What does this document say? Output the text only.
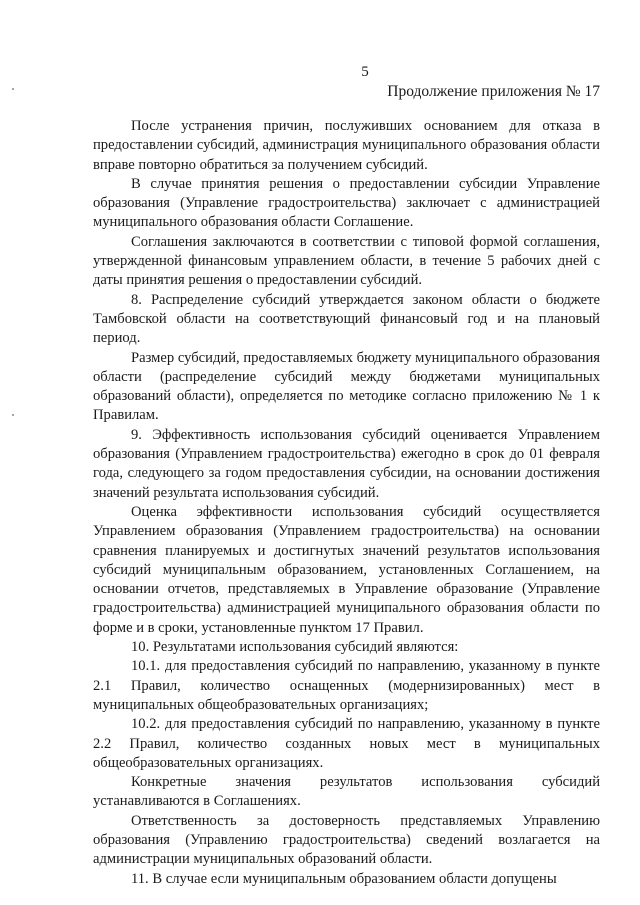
5
Продолжение приложения № 17

После устранения причин, послуживших основанием для отказа в предоставлении субсидий, администрация муниципального образования области вправе повторно обратиться за получением субсидий.

В случае принятия решения о предоставлении субсидии Управление образования (Управление градостроительства) заключает с администрацией муниципального образования области Соглашение.

Соглашения заключаются в соответствии с типовой формой соглашения, утвержденной финансовым управлением области, в течение 5 рабочих дней с даты принятия решения о предоставлении субсидий.

8. Распределение субсидий утверждается законом области о бюджете Тамбовской области на соответствующий финансовый год и на плановый период.

Размер субсидий, предоставляемых бюджету муниципального образования области (распределение субсидий между бюджетами муниципальных образований области), определяется по методике согласно приложению № 1 к Правилам.

9. Эффективность использования субсидий оценивается Управлением образования (Управлением градостроительства) ежегодно в срок до 01 февраля года, следующего за годом предоставления субсидии, на основании достижения значений результата использования субсидий.

Оценка эффективности использования субсидий осуществляется Управлением образования (Управлением градостроительства) на основании сравнения планируемых и достигнутых значений результатов использования субсидий муниципальным образованием, установленных Соглашением, на основании отчетов, представляемых в Управление образование (Управление градостроительства) администрацией муниципального образования области по форме и в сроки, установленные пунктом 17 Правил.

10. Результатами использования субсидий являются:

10.1. для предоставления субсидий по направлению, указанному в пункте 2.1 Правил, количество оснащенных (модернизированных) мест в муниципальных общеобразовательных организациях;

10.2. для предоставления субсидий по направлению, указанному в пункте 2.2 Правил, количество созданных новых мест в муниципальных общеобразовательных организациях.

Конкретные значения результатов использования субсидий устанавливаются в Соглашениях.

Ответственность за достоверность представляемых Управлению образования (Управлению градостроительства) сведений возлагается на администрации муниципальных образований области.

11. В случае если муниципальным образованием области допущены
